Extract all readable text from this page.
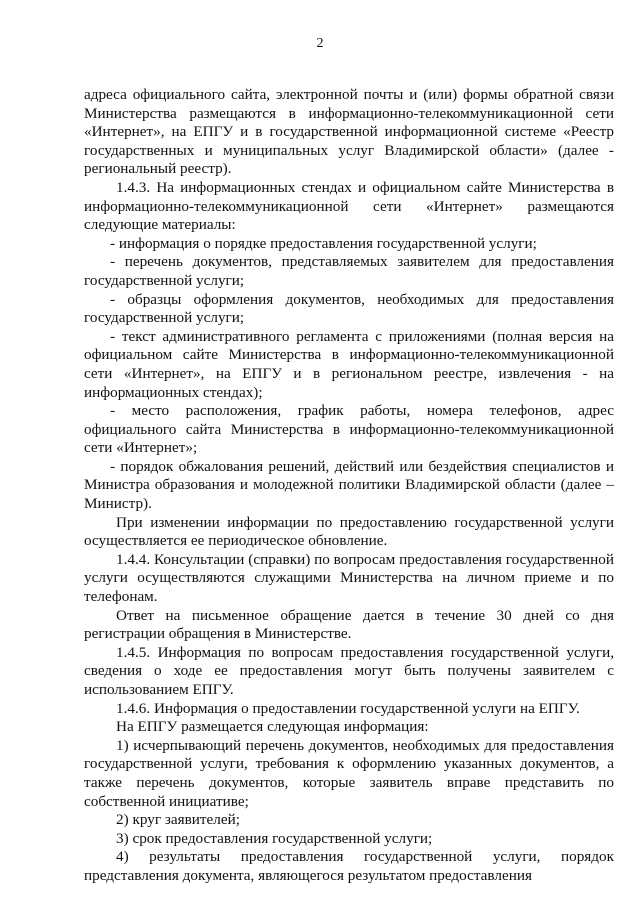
2

адреса официального сайта, электронной почты и (или) формы обратной связи Министерства размещаются в информационно-телекоммуникационной сети «Интернет», на ЕПГУ и в государственной информационной системе «Реестр государственных и муниципальных услуг Владимирской области» (далее - региональный реестр).

1.4.3. На информационных стендах и официальном сайте Министерства в информационно-телекоммуникационной сети «Интернет» размещаются следующие материалы:

- информация о порядке предоставления государственной услуги;

- перечень документов, представляемых заявителем для предоставления государственной услуги;

- образцы оформления документов, необходимых для предоставления государственной услуги;

- текст административного регламента с приложениями (полная версия на официальном сайте Министерства в информационно-телекоммуникационной сети «Интернет», на ЕПГУ и в региональном реестре, извлечения - на информационных стендах);

- место расположения, график работы, номера телефонов, адрес официального сайта Министерства в информационно-телекоммуникационной сети «Интернет»;

- порядок обжалования решений, действий или бездействия специалистов и Министра образования и молодежной политики Владимирской области (далее – Министр).

При изменении информации по предоставлению государственной услуги осуществляется ее периодическое обновление.

1.4.4. Консультации (справки) по вопросам предоставления государственной услуги осуществляются служащими Министерства на личном приеме и по телефонам.

Ответ на письменное обращение дается в течение 30 дней со дня регистрации обращения в Министерстве.

1.4.5. Информация по вопросам предоставления государственной услуги, сведения о ходе ее предоставления могут быть получены заявителем с использованием ЕПГУ.

1.4.6. Информация о предоставлении государственной услуги на ЕПГУ.

На ЕПГУ размещается следующая информация:

1) исчерпывающий перечень документов, необходимых для предоставления государственной услуги, требования к оформлению указанных документов, а также перечень документов, которые заявитель вправе представить по собственной инициативе;

2) круг заявителей;

3) срок предоставления государственной услуги;

4) результаты предоставления государственной услуги, порядок представления документа, являющегося результатом предоставления
